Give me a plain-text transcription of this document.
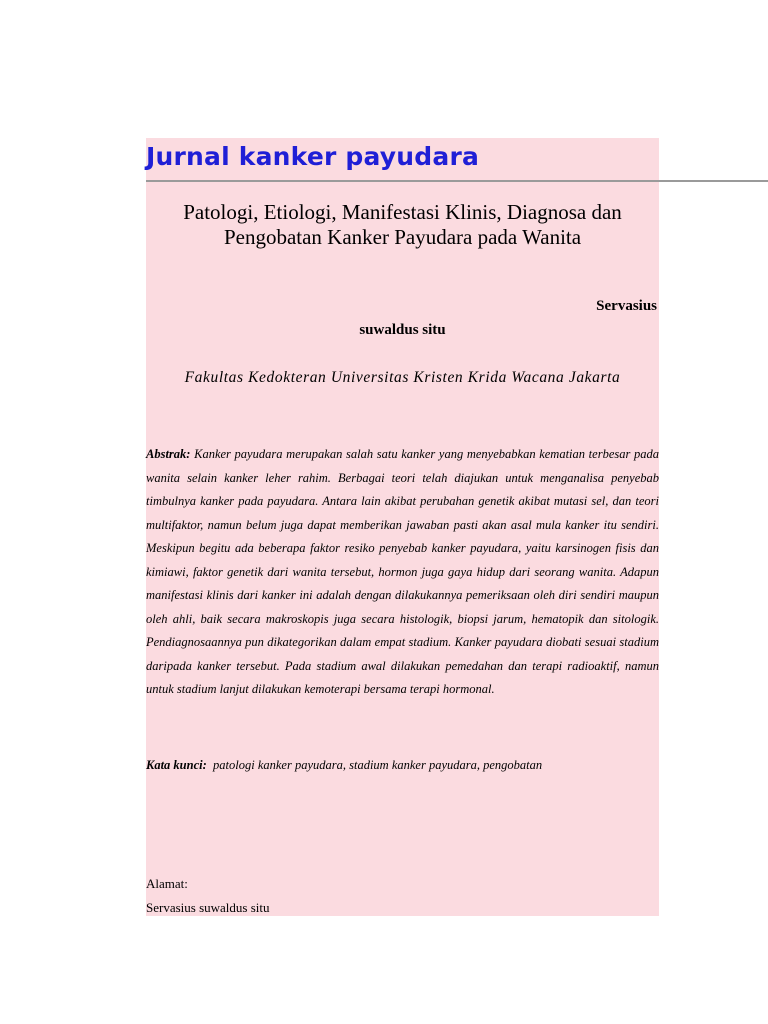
Jurnal kanker payudara
Patologi, Etiologi, Manifestasi Klinis, Diagnosa dan Pengobatan Kanker Payudara pada Wanita
Servasius
suwaldus situ
Fakultas Kedokteran Universitas Kristen Krida Wacana Jakarta

Abstrak: Kanker payudara merupakan salah satu kanker yang menyebabkan kematian terbesar pada wanita selain kanker leher rahim. Berbagai teori telah diajukan untuk menganalisa penyebab timbulnya kanker pada payudara. Antara lain akibat perubahan genetik akibat mutasi sel, dan teori multifaktor, namun belum juga dapat memberikan jawaban pasti akan asal mula kanker itu sendiri. Meskipun begitu ada beberapa faktor resiko penyebab kanker payudara, yaitu karsinogen fisis dan kimiawi, faktor genetik dari wanita tersebut, hormon juga gaya hidup dari seorang wanita. Adapun manifestasi klinis dari kanker ini adalah dengan dilakukannya pemeriksaan oleh diri sendiri maupun oleh ahli, baik secara makroskopis juga secara histologik, biopsi jarum, hematopik dan sitologik. Pendiagnosaannya pun dikategorikan dalam empat stadium. Kanker payudara diobati sesuai stadium daripada kanker tersebut. Pada stadium awal dilakukan pemedahan dan terapi radioaktif, namun untuk stadium lanjut dilakukan kemoterapi bersama terapi hormonal.

Kata kunci: patologi kanker payudara, stadium kanker payudara, pengobatan

Alamat:
Servasius suwaldus situ
